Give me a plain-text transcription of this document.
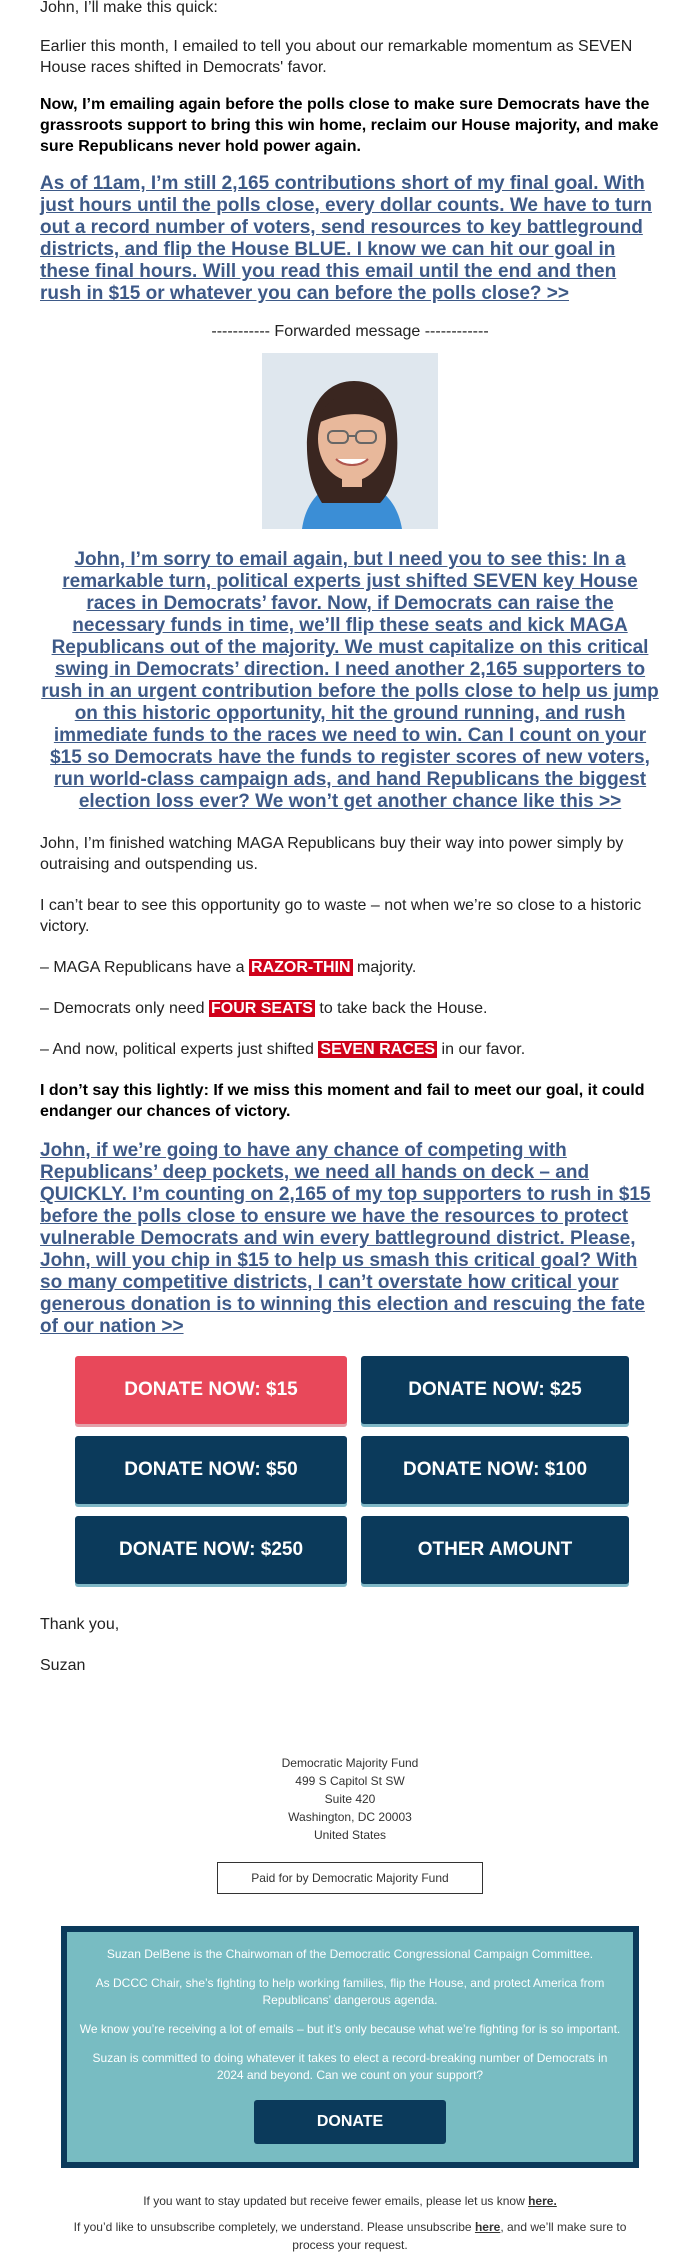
John, I’ll make this quick:

Earlier this month, I emailed to tell you about our remarkable momentum as SEVEN House races shifted in Democrats' favor.

Now, I’m emailing again before the polls close to make sure Democrats have the grassroots support to bring this win home, reclaim our House majority, and make sure Republicans never hold power again.

As of 11am, I’m still 2,165 contributions short of my final goal. With just hours until the polls close, every dollar counts. We have to turn out a record number of voters, send resources to key battleground districts, and flip the House BLUE. I know we can hit our goal in these final hours. Will you read this email until the end and then rush in $15 or whatever you can before the polls close? >>

----------- Forwarded message ------------

John, I’m sorry to email again, but I need you to see this: In a remarkable turn, political experts just shifted SEVEN key House races in Democrats’ favor. Now, if Democrats can raise the necessary funds in time, we’ll flip these seats and kick MAGA Republicans out of the majority. We must capitalize on this critical swing in Democrats’ direction. I need another 2,165 supporters to rush in an urgent contribution before the polls close to help us jump on this historic opportunity, hit the ground running, and rush immediate funds to the races we need to win. Can I count on your $15 so Democrats have the funds to register scores of new voters, run world-class campaign ads, and hand Republicans the biggest election loss ever? We won’t get another chance like this >>

John, I’m finished watching MAGA Republicans buy their way into power simply by outraising and outspending us.

I can’t bear to see this opportunity go to waste – not when we’re so close to a historic victory.

– MAGA Republicans have a RAZOR-THIN majority.

– Democrats only need FOUR SEATS to take back the House.

– And now, political experts just shifted SEVEN RACES in our favor.

I don’t say this lightly: If we miss this moment and fail to meet our goal, it could endanger our chances of victory.

John, if we’re going to have any chance of competing with Republicans’ deep pockets, we need all hands on deck – and QUICKLY. I’m counting on 2,165 of my top supporters to rush in $15 before the polls close to ensure we have the resources to protect vulnerable Democrats and win every battleground district. Please, John, will you chip in $15 to help us smash this critical goal? With so many competitive districts, I can’t overstate how critical your generous donation is to winning this election and rescuing the fate of our nation >>

DONATE NOW: $15	DONATE NOW: $25
DONATE NOW: $50	DONATE NOW: $100
DONATE NOW: $250	OTHER AMOUNT

Thank you,

Suzan

Democratic Majority Fund
499 S Capitol St SW
Suite 420
Washington, DC 20003
United States
Paid for by Democratic Majority Fund

Suzan DelBene is the Chairwoman of the Democratic Congressional Campaign Committee.

As DCCC Chair, she’s fighting to help working families, flip the House, and protect America from Republicans’ dangerous agenda.

We know you’re receiving a lot of emails – but it’s only because what we’re fighting for is so important.

Suzan is committed to doing whatever it takes to elect a record-breaking number of Democrats in 2024 and beyond. Can we count on your support?

DONATE

If you want to stay updated but receive fewer emails, please let us know here.

If you’d like to unsubscribe completely, we understand. Please unsubscribe here, and we’ll make sure to process your request.
